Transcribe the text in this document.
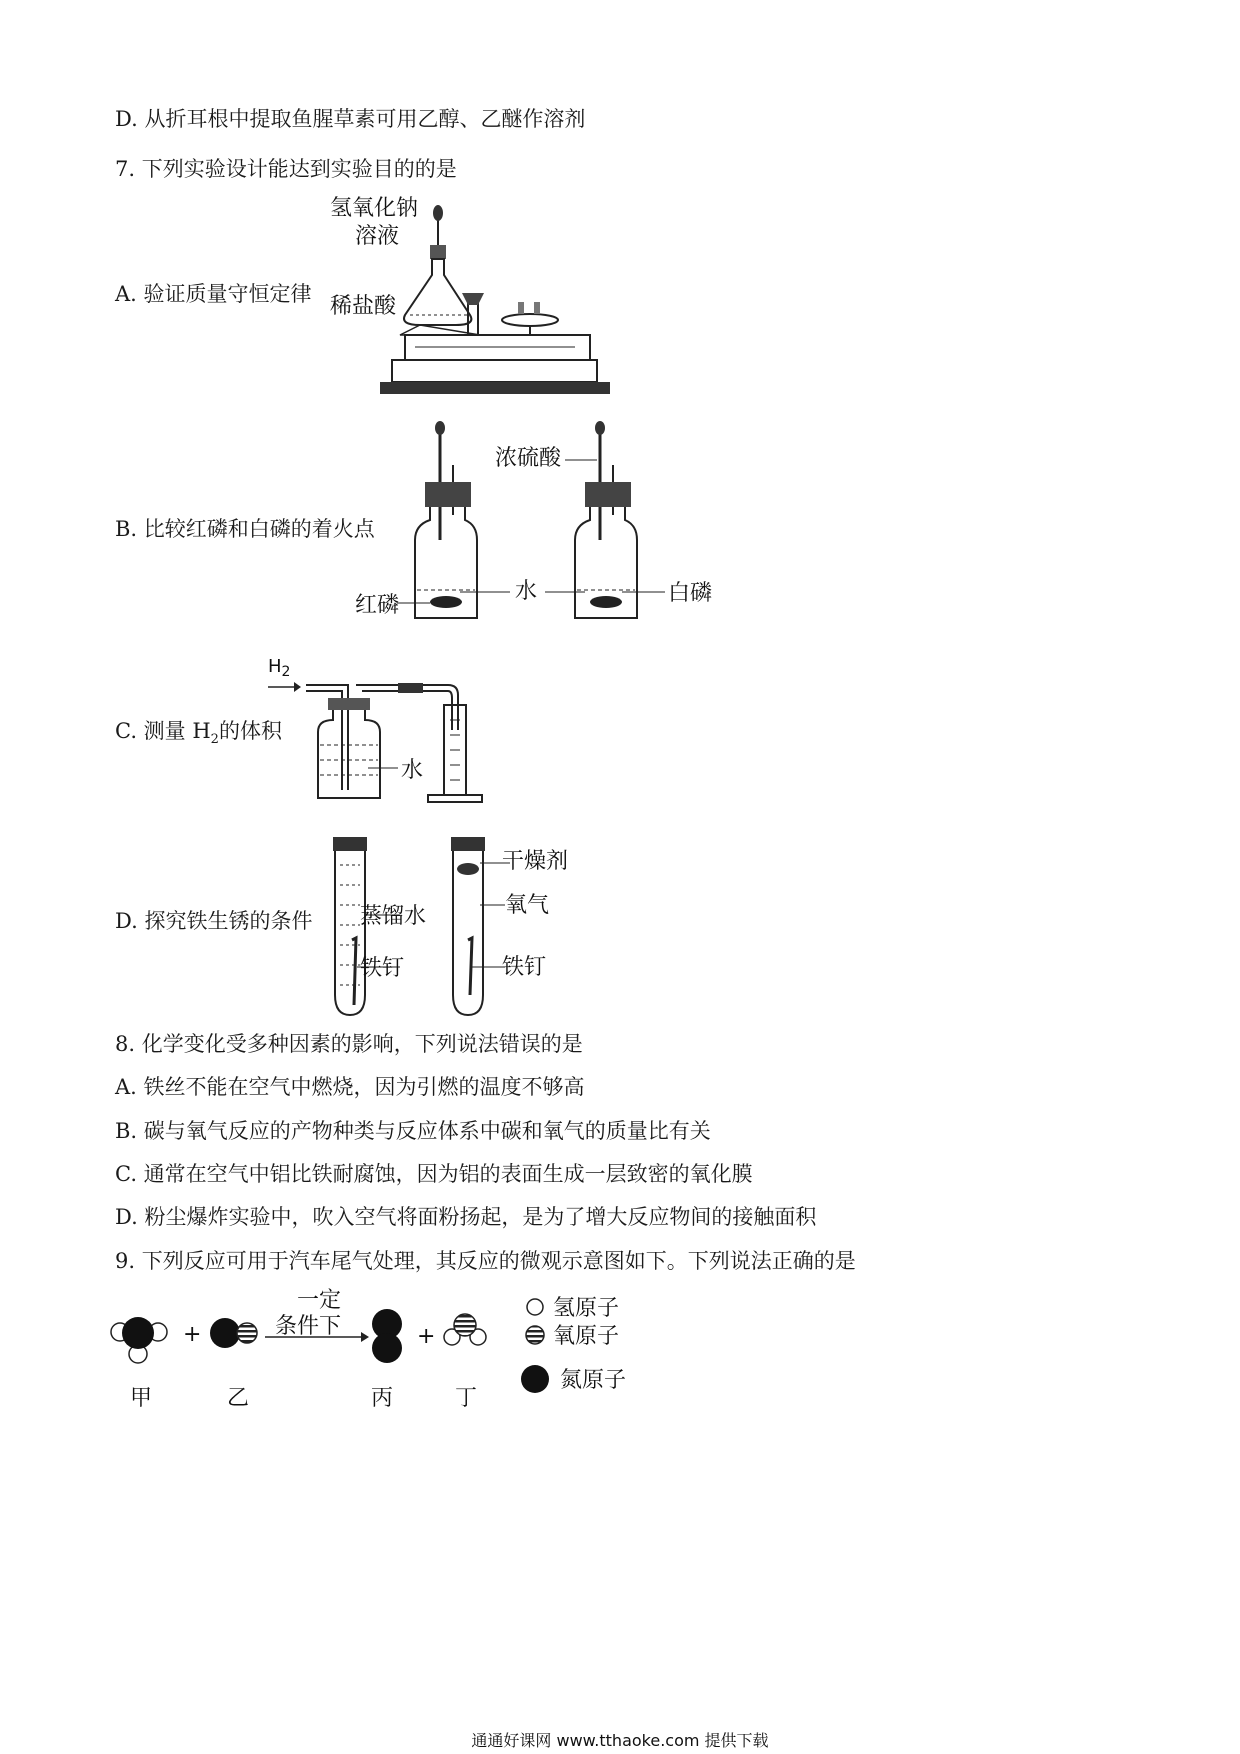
D. 从折耳根中提取鱼腥草素可用乙醇、乙醚作溶剂
7. 下列实验设计能达到实验目的的是
A. 验证质量守恒定律
氢氧化钠
溶液
稀盐酸
B. 比较红磷和白磷的着火点
红磷	白磷
浓硫酸
水
C. 测量 $H_2$的体积
$H_2$
水
D. 探究铁生锈的条件 蒸馏水
铁钉
干燥剂
氧气
铁钉
8. 化学变化受多种因素的影响，下列说法错误的是
A. 铁丝不能在空气中燃烧，因为引燃的温度不够高
B. 碳与氧气反应的产物种类与反应体系中碳和氧气的质量比有关
C. 通常在空气中铝比铁耐腐蚀，因为铝的表面生成一层致密的氧化膜
D. 粉尘爆炸实验中，吹入空气将面粉扬起，是为了增大反应物间的接触面积
9. 下列反应可用于汽车尾气处理，其反应的微观示意图如下。下列说法正确的是
+
一定
条件下	+
甲	乙	丙	丁
氢原子
氧原子
氮原子
通通好课网 www.tthaoke.com 提供下载
